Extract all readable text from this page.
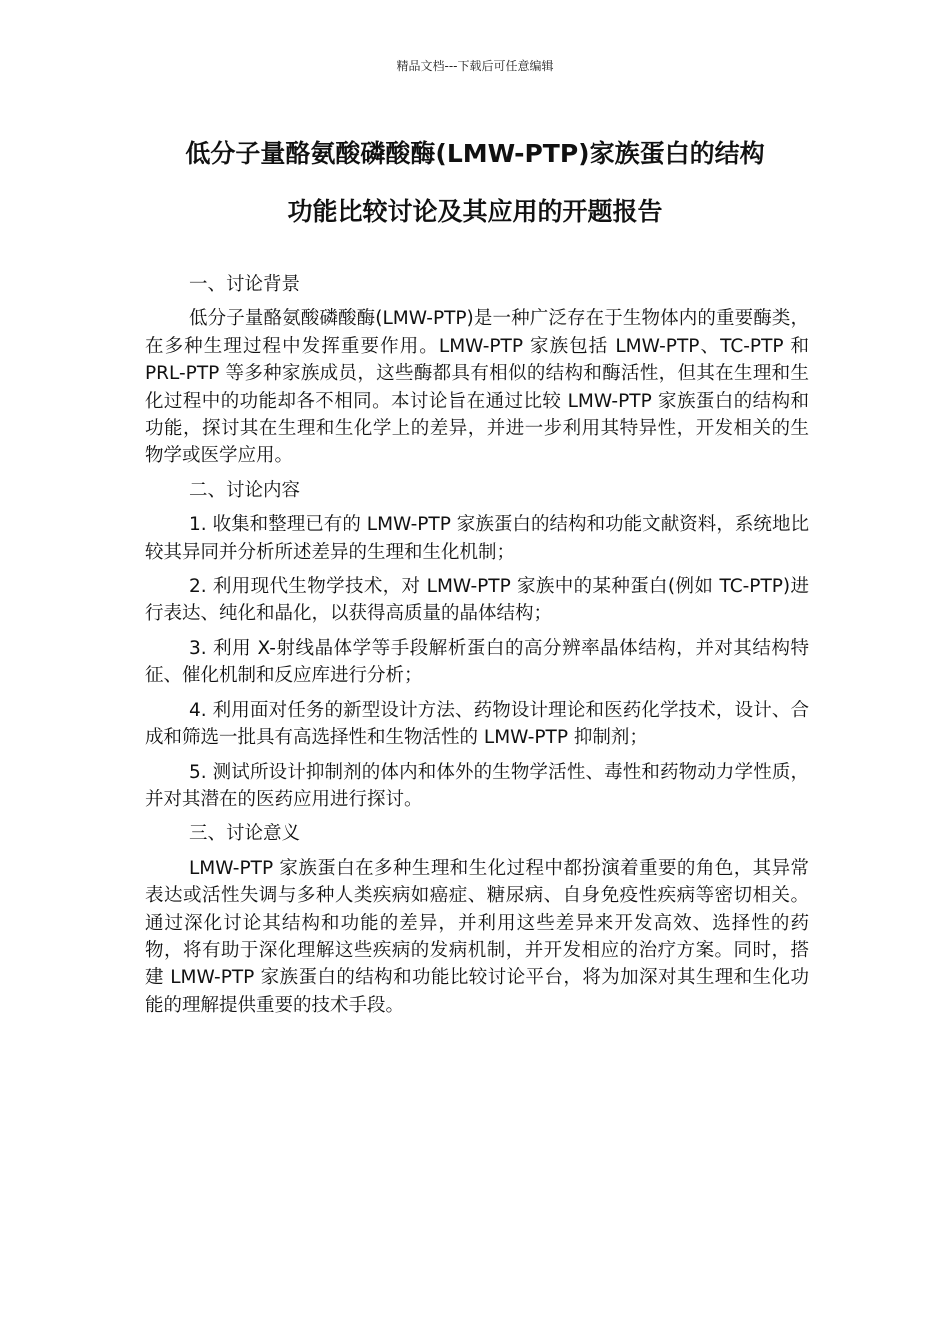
精品文档---下载后可任意编辑
低分子量酪氨酸磷酸酶(LMW-PTP)家族蛋白的结构
功能比较讨论及其应用的开题报告

一、讨论背景

低分子量酪氨酸磷酸酶(LMW-PTP)是一种广泛存在于生物体内的重要酶类，在多种生理过程中发挥重要作用。LMW-PTP 家族包括 LMW-PTP、TC-PTP 和 PRL-PTP 等多种家族成员，这些酶都具有相似的结构和酶活性，但其在生理和生化过程中的功能却各不相同。本讨论旨在通过比较 LMW-PTP 家族蛋白的结构和功能，探讨其在生理和生化学上的差异，并进一步利用其特异性，开发相关的生物学或医学应用。

二、讨论内容

1. 收集和整理已有的 LMW-PTP 家族蛋白的结构和功能文献资料，系统地比较其异同并分析所述差异的生理和生化机制；

2. 利用现代生物学技术，对 LMW-PTP 家族中的某种蛋白(例如 TC-PTP)进行表达、纯化和晶化，以获得高质量的晶体结构；

3. 利用 X-射线晶体学等手段解析蛋白的高分辨率晶体结构，并对其结构特征、催化机制和反应库进行分析；

4. 利用面对任务的新型设计方法、药物设计理论和医药化学技术，设计、合成和筛选一批具有高选择性和生物活性的 LMW-PTP 抑制剂；

5. 测试所设计抑制剂的体内和体外的生物学活性、毒性和药物动力学性质，并对其潜在的医药应用进行探讨。

三、讨论意义

LMW-PTP 家族蛋白在多种生理和生化过程中都扮演着重要的角色，其异常表达或活性失调与多种人类疾病如癌症、糖尿病、自身免疫性疾病等密切相关。通过深化讨论其结构和功能的差异，并利用这些差异来开发高效、选择性的药物，将有助于深化理解这些疾病的发病机制，并开发相应的治疗方案。同时，搭建 LMW-PTP 家族蛋白的结构和功能比较讨论平台，将为加深对其生理和生化功能的理解提供重要的技术手段。
